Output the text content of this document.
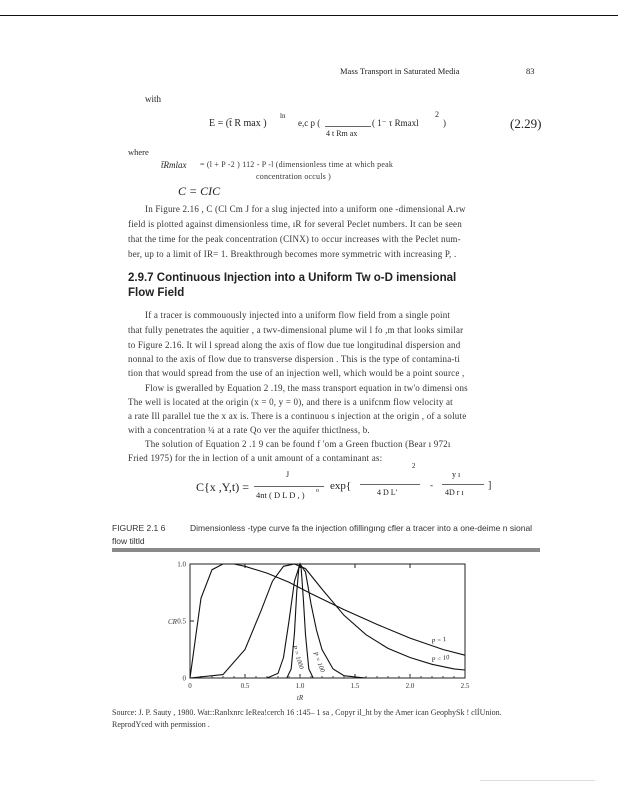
Mass Transport in Saturated Media	83
with
E = (t̄ R max )
ln
e,c p (
4 t Rm ax
( 1⁻ τ Rmaxl
2
)	(2.29)
where
t̄Rmlax = (l + P -2 ) 112 - P -l (dimensionless time at which peak
concentration occuls )
C = CIC
In Figure 2.16 , C (Cl Cm J for a slug injected into a uniform one -dimensional A.rw
field is plotted against dimensionless time, ıR for several Peclet numbers. It can be seen
that the time for the peak concentration (CINX) to occur increases with the Peclet num-
ber, up to a limit of IR= 1. Breakthrough becomes more symmetric with increasing P, .
2.9.7 Continuous Injection into a Uniform Tw o-D imensional
Flow Field
If a tracer is commouously injected into a uniform flow field from a single point
that fully penetrates the aquitier , a twv-dimensional plume wil l fo ,m that looks similar
to Figure 2.16. It wil l spread along the axis of flow due tue longitudinal dispersion and
nonnal to the axis of flow due to transverse dispersion . This is the type of contamina-ti
tion that would spread from the use of an injection well, which would be a point source ,
Flow is gweralled by Equation 2 .19, the mass transport equation in tw'o dimensi ons
The well is located at the origin (x = 0, y = 0), and there is a unifcnm flow velocity at
a rate Ill parallel tue the x ax is. There is a continuou s injection at the origin , of a solute
with a concentration ¼ at a rate Qo ver the aquifer thictlness, b.
The solution of Equation 2 .1 9 can be found f 'om a Green fbuction (Bear ı 972ı
Fried 1975) for the in lection of a unit amount of a contaminant as:
C{x ,Y,t) =
J
4nt ( D L D , ) o exp{
2
4 D L'
-
y ı
4D r ı
]
FIGURE 2.1 6	Dimensionless -type curve fa the injection ofillingıng cfler a tracer into a one-deime n sional
flow tiltld
0	0.5	1.0	1.5	2.0	2.5
0
0.5
1.0
tR
CR
P = 1
P = 10
P = 100
P = 1000
Source: J. P. Sauty , 1980. Wat::Ranlxnrc IeRea!cerch 16 :145– 1 sa , Copyr il_ht by the Amer ican GeophySk ! clİUnion.
ReprodYced with permission .
